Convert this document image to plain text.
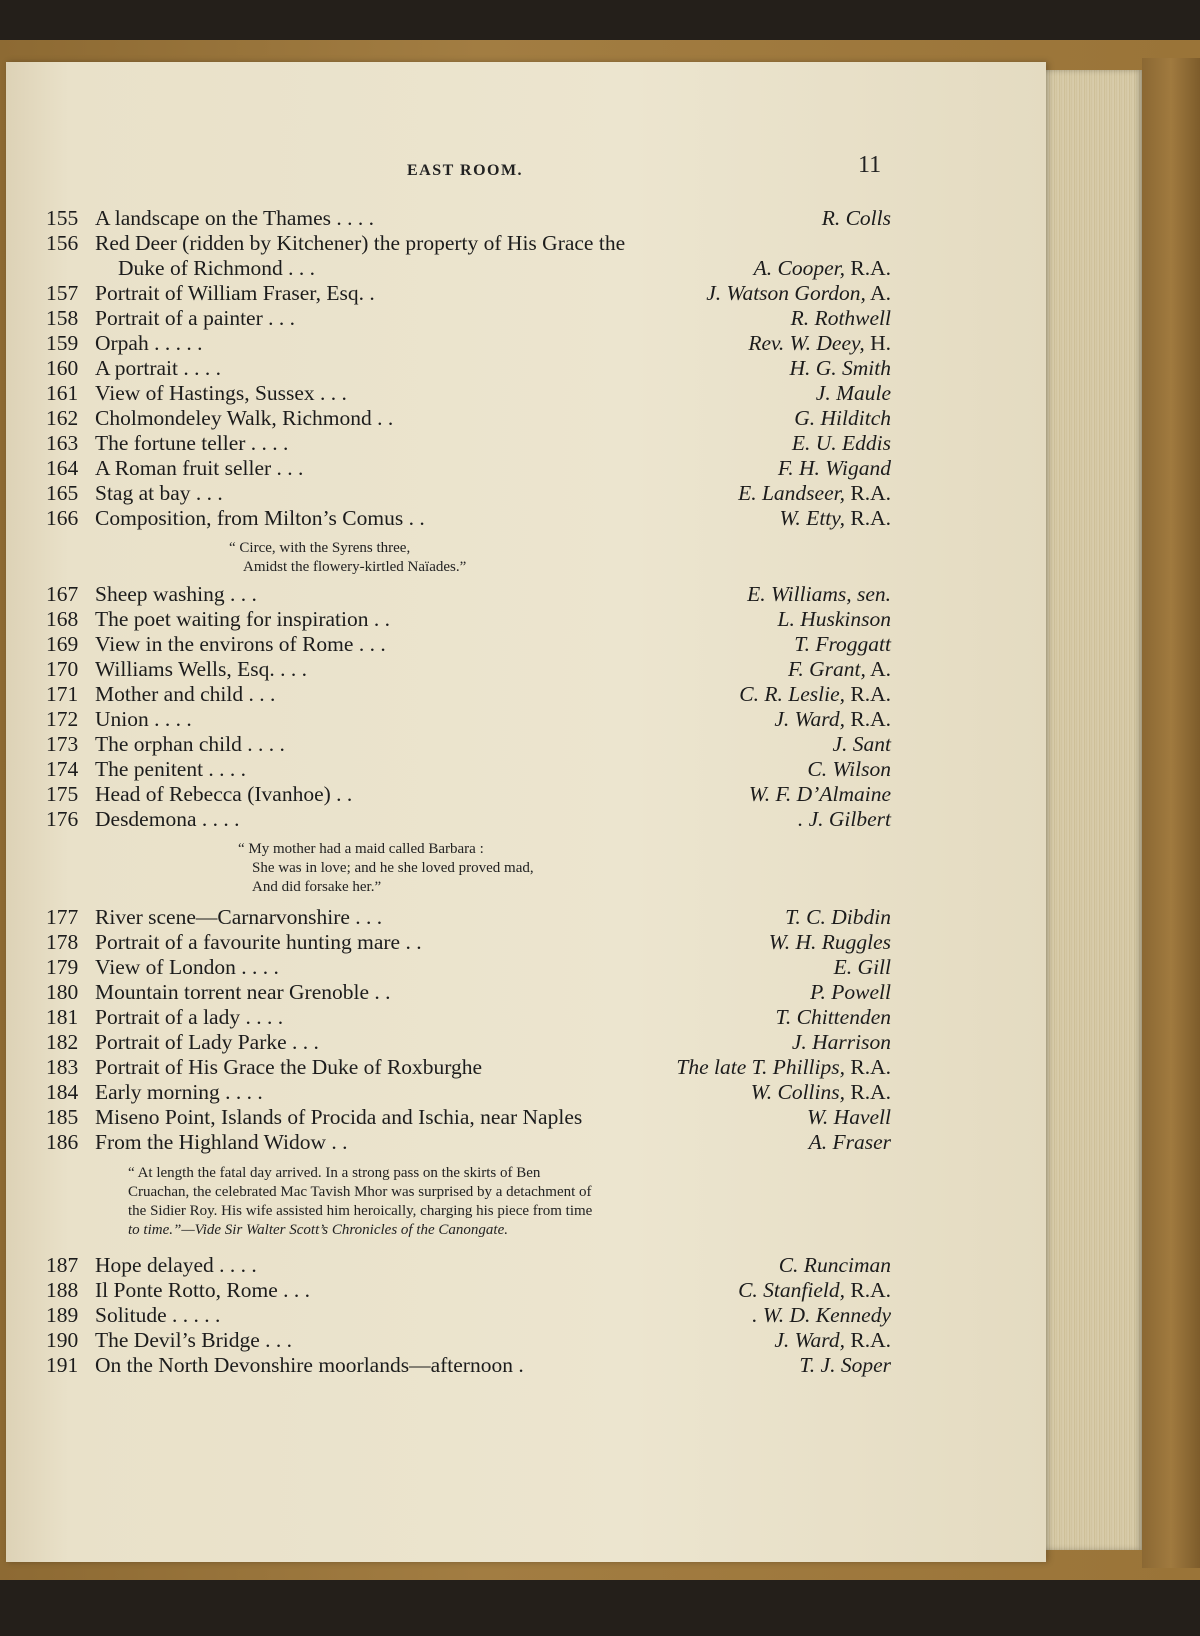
EAST ROOM.	11
155 A landscape on the Thames . . . .	R. Colls
156 Red Deer (ridden by Kitchener) the property of His Grace the
Duke of Richmond . . .	A. Cooper, R.A.
157 Portrait of William Fraser, Esq. .	J. Watson Gordon, A.
158 Portrait of a painter . . .	R. Rothwell
159 Orpah . . . . .	Rev. W. Deey, H.
160 A portrait . . . .	H. G. Smith
161 View of Hastings, Sussex . . .	J. Maule
162 Cholmondeley Walk, Richmond . .	G. Hilditch
163 The fortune teller . . . .	E. U. Eddis
164 A Roman fruit seller . . .	F. H. Wigand
165 Stag at bay . . .	E. Landseer, R.A.
166 Composition, from Milton’s Comus . .	W. Etty, R.A.
“ Circe, with the Syrens three,
Amidst the flowery-kirtled Naïades.”
167 Sheep washing . . .	E. Williams, sen.
168 The poet waiting for inspiration . .	L. Huskinson
169 View in the environs of Rome . . .	T. Froggatt
170 Williams Wells, Esq. . . .	F. Grant, A.
171 Mother and child . . .	C. R. Leslie, R.A.
172 Union . . . .	J. Ward, R.A.
173 The orphan child . . . .	J. Sant
174 The penitent . . . .	C. Wilson
175 Head of Rebecca (Ivanhoe) . .	W. F. D’Almaine
176 Desdemona . . . .	. J. Gilbert
“ My mother had a maid called Barbara :
She was in love; and he she loved proved mad,
And did forsake her.”
177 River scene—Carnarvonshire . . .	T. C. Dibdin
178 Portrait of a favourite hunting mare . .	W. H. Ruggles
179 View of London . . . .	E. Gill
180 Mountain torrent near Grenoble . .	P. Powell
181 Portrait of a lady . . . .	T. Chittenden
182 Portrait of Lady Parke . . .	J. Harrison
183 Portrait of His Grace the Duke of Roxburghe	The late T. Phillips, R.A.
184 Early morning . . . .	W. Collins, R.A.
185 Miseno Point, Islands of Procida and Ischia, near Naples	W. Havell
186 From the Highland Widow . .	A. Fraser
“ At length the fatal day arrived. In a strong pass on the skirts of Ben
Cruachan, the celebrated Mac Tavish Mhor was surprised by a detachment of
the Sidier Roy. His wife assisted him heroically, charging his piece from time
to time.”—Vide Sir Walter Scott’s Chronicles of the Canongate.
187 Hope delayed . . . .	C. Runciman
188 Il Ponte Rotto, Rome . . .	C. Stanfield, R.A.
189 Solitude . . . . .	. W. D. Kennedy
190 The Devil’s Bridge . . .	J. Ward, R.A.
191 On the North Devonshire moorlands—afternoon .	T. J. Soper
